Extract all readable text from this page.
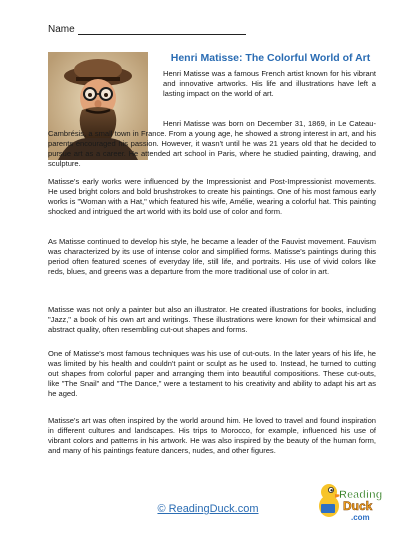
Name
Henri Matisse: The Colorful World of Art

Henri Matisse was a famous French artist known for his vibrant and innovative artworks. His life and illustrations have left a lasting impact on the world of art.

Henri Matisse was born on December 31, 1869, in Le Cateau-Cambrésis, a small town in France. From a young age, he showed a strong interest in art, and his parents encouraged his passion. However, it wasn't until he was 21 years old that he decided to pursue art as a career. He attended art school in Paris, where he studied painting, drawing, and sculpture.

Matisse's early works were influenced by the Impressionist and Post-Impressionist movements. He used bright colors and bold brushstrokes to create his paintings. One of his most famous early works is "Woman with a Hat," which featured his wife, Amélie, wearing a colorful hat. This painting shocked and intrigued the art world with its bold use of color and form.

As Matisse continued to develop his style, he became a leader of the Fauvist movement. Fauvism was characterized by its use of intense color and simplified forms. Matisse's paintings during this period often featured scenes of everyday life, still life, and portraits. His use of vivid colors like reds, blues, and greens was a departure from the more traditional use of color in art.

Matisse was not only a painter but also an illustrator. He created illustrations for books, including "Jazz," a book of his own art and writings. These illustrations were known for their whimsical and abstract quality, often resembling cut-out shapes and forms.

One of Matisse's most famous techniques was his use of cut-outs. In the later years of his life, he was limited by his health and couldn't paint or sculpt as he used to. Instead, he turned to cutting out shapes from colorful paper and arranging them into beautiful compositions. These cut-outs, like "The Snail" and "The Dance," were a testament to his creativity and ability to adapt his art as he aged.

Matisse's art was often inspired by the world around him. He loved to travel and found inspiration in different cultures and landscapes. His trips to Morocco, for example, influenced his use of vibrant colors and patterns in his artwork. He was also inspired by the beauty of the human form, and many of his paintings feature dancers, nudes, and other figures.

© ReadingDuck.com
Reading
Duck
.com
